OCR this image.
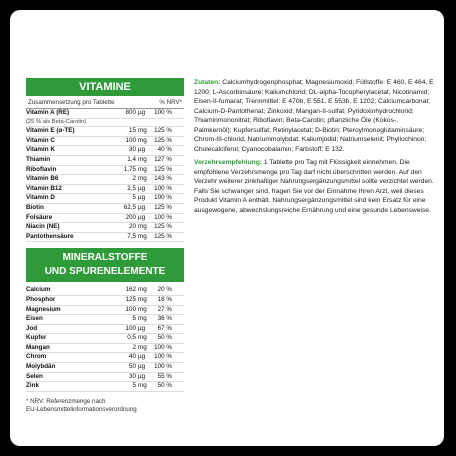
VITAMINE
Zusammensetzung pro Tablette	% NRV*
Vitamin A (RE)	800 µg	100 %
(25 % als Beta-Carotin)
Vitamin E (α-TE)	15 mg	125 %
Vitamin C	100 mg	125 %
Vitamin K	30 µg	40 %
Thiamin	1,4 mg	127 %
Riboflavin	1,75 mg	125 %
Vitamin B6	2 mg	143 %
Vitamin B12	2,5 µg	100 %
Vitamin D	5 µg	100 %
Biotin	62,5 µg	125 %
Folsäure	200 µg	100 %
Niacin (NE)	20 mg	125 %
Pantothensäure	7,5 mg	125 %
MINERALSTOFFE
UND SPURENELEMENTE
Calcium	162 mg	20 %
Phosphor	125 mg	18 %
Magnesium	100 mg	27 %
Eisen	5 mg	36 %
Jod	100 µg	67 %
Kupfer	0,5 mg	50 %
Mangan	2 mg	100 %
Chrom	40 µg	100 %
Molybdän	50 µg	100 %
Selen	30 µg	55 %
Zink	5 mg	50 %
* NRV: Referenzmenge nach
EU-Lebensmittelinformationsverordnung

Zutaten: Calciumhydrogenphosphat; Magnesiumoxid; Füllstoffe: E 460, E 464, E 1200; L-Ascorbinsäure; Kaliumchlorid; DL-alpha-Tocopherylacetat; Nicotinamid; Eisen-II-fumarat; Trennmittel: E 470b, E 551, E 553b, E 1202; Calciumcarbonat; Calcium-D-Pantothenat; Zinkoxid; Mangan-II-sulfat; Pyridoxinhydrochlorid; Thiaminmononitrat; Riboflavin; Beta-Carotin; pflanzliche Öle (Kokos-, Palmkernöl); Kupfersulfat; Retinylacetat; D-Biotin; Pteroylmonoglutaminsäure; Chrom-III-chlorid; Natriummolybdat; Kaliumjodid; Natriumselenit; Phyllochinon; Cholecalciferol; Cyanocobalamin; Farbstoff: E 132.

Verzehrsempfehlung: 1 Tablette pro Tag mit Flüssigkeit einnehmen. Die empfohlene Verzehrsmenge pro Tag darf nicht überschritten werden. Auf den Verzehr weiterer zinkhaltiger Nahrungsergänzungsmittel sollte verzichtet werden. Falls Sie schwanger sind, fragen Sie vor der Einnahme Ihren Arzt, weil dieses Produkt Vitamin A enthält. Nahrungsergänzungsmittel sind kein Ersatz für eine ausgewogene, abwechslungsreiche Ernährung und eine gesunde Lebensweise.
